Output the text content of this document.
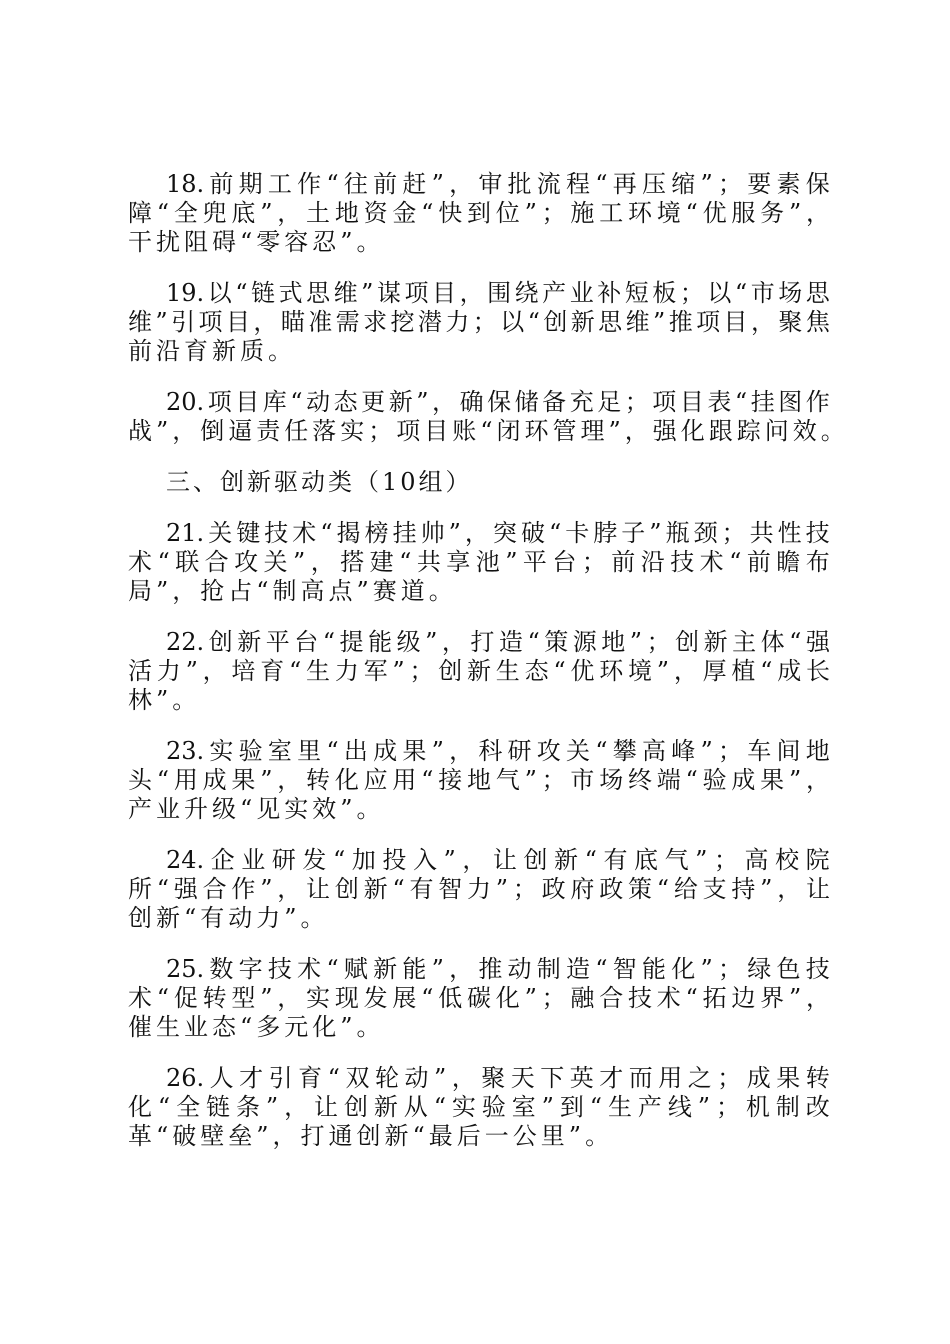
18. 前 期 工 作 “ 往 前 赶 ” ， 审 批 流 程 “ 再 压 缩 ” ； 要 素 保
障 “ 全 兜 底 ” ， 土 地 资 金 “ 快 到 位 ” ； 施 工 环 境 “ 优 服 务 ” ，
干扰阻碍“零容忍”。
19. 以 “ 链 式 思 维 ” 谋 项 目 ， 围 绕 产 业 补 短 板 ； 以 “ 市 场 思
维 ” 引 项 目 ， 瞄 准 需 求 挖 潜 力 ； 以 “ 创 新 思 维 ” 推 项 目 ， 聚 焦
前沿育新质。
20. 项 目 库 “ 动 态 更 新 ” ， 确 保 储 备 充 足 ； 项 目 表 “ 挂 图 作
战”，倒逼责任落实；项目账“闭环管理”，强化跟踪问效。
三、创新驱动类（10组）
21. 关 键 技 术 “ 揭 榜 挂 帅 ” ， 突 破 “ 卡 脖 子 ” 瓶 颈 ； 共 性 技
术 “ 联 合 攻 关 ” ， 搭 建 “ 共 享 池 ” 平 台 ； 前 沿 技 术 “ 前 瞻 布
局”，抢占“制高点”赛道。
22. 创 新 平 台 “ 提 能 级 ” ， 打 造 “ 策 源 地 ” ； 创 新 主 体 “ 强
活 力 ” ， 培 育 “ 生 力 军 ” ； 创 新 生 态 “ 优 环 境 ” ， 厚 植 “ 成 长
林”。
23. 实 验 室 里 “ 出 成 果 ” ， 科 研 攻 关 “ 攀 高 峰 ” ； 车 间 地
头 “ 用 成 果 ” ， 转 化 应 用 “ 接 地 气 ” ； 市 场 终 端 “ 验 成 果 ” ，
产业升级“见实效”。
24. 企 业 研 发 “ 加 投 入 ” ， 让 创 新 “ 有 底 气 ” ； 高 校 院
所 “ 强 合 作 ” ， 让 创 新 “ 有 智 力 ” ； 政 府 政 策 “ 给 支 持 ” ， 让
创新“有动力”。
25. 数 字 技 术 “ 赋 新 能 ” ， 推 动 制 造 “ 智 能 化 ” ； 绿 色 技
术 “ 促 转 型 ” ， 实 现 发 展 “ 低 碳 化 ” ； 融 合 技 术 “ 拓 边 界 ” ，
催生业态“多元化”。
26. 人 才 引 育 “ 双 轮 动 ” ， 聚 天 下 英 才 而 用 之 ； 成 果 转
化 “ 全 链 条 ” ， 让 创 新 从 “ 实 验 室 ” 到 “ 生 产 线 ” ； 机 制 改
革“破壁垒”，打通创新“最后一公里”。
